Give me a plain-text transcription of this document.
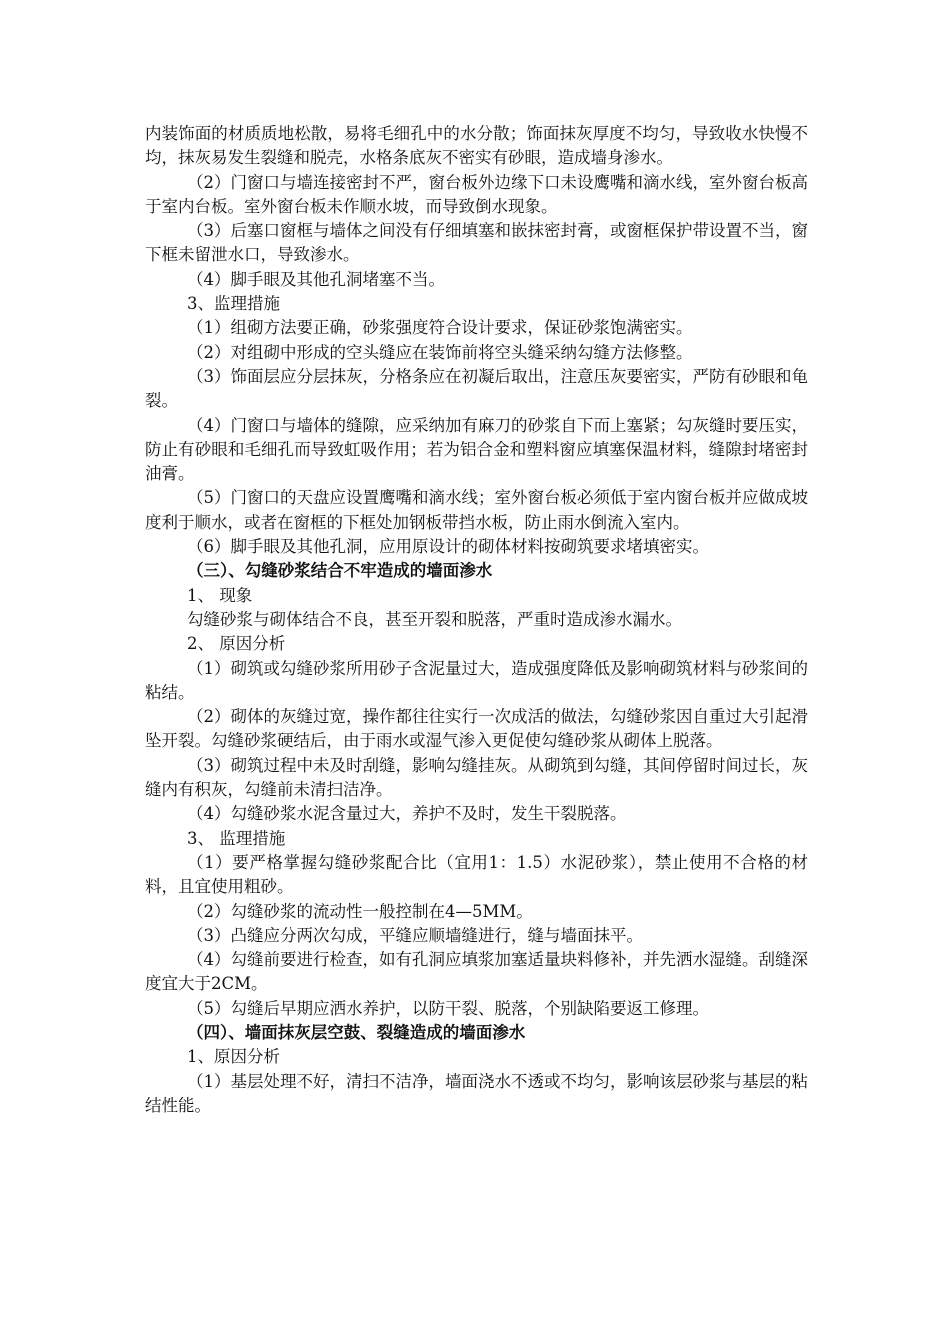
内装饰面的材质质地松散，易将毛细孔中的水分散；饰面抹灰厚度不均匀，导致收水快慢不均，抹灰易发生裂缝和脱壳，水格条底灰不密实有砂眼，造成墙身渗水。

（2）门窗口与墙连接密封不严，窗台板外边缘下口未设鹰嘴和滴水线，室外窗台板高于室内台板。室外窗台板未作顺水坡，而导致倒水现象。

（3）后塞口窗框与墙体之间没有仔细填塞和嵌抹密封膏，或窗框保护带设置不当，窗下框未留泄水口，导致渗水。

（4）脚手眼及其他孔洞堵塞不当。

3、监理措施

（1）组砌方法要正确，砂浆强度符合设计要求，保证砂浆饱满密实。

（2）对组砌中形成的空头缝应在装饰前将空头缝采纳勾缝方法修整。

（3）饰面层应分层抹灰，分格条应在初凝后取出，注意压灰要密实，严防有砂眼和龟裂。

（4）门窗口与墙体的缝隙，应采纳加有麻刀的砂浆自下而上塞紧；勾灰缝时要压实，防止有砂眼和毛细孔而导致虹吸作用；若为铝合金和塑料窗应填塞保温材料，缝隙封堵密封油膏。

（5）门窗口的天盘应设置鹰嘴和滴水线；室外窗台板必须低于室内窗台板并应做成坡度利于顺水，或者在窗框的下框处加钢板带挡水板，防止雨水倒流入室内。

（6）脚手眼及其他孔洞，应用原设计的砌体材料按砌筑要求堵填密实。

（三）、勾缝砂浆结合不牢造成的墙面渗水

1、 现象

勾缝砂浆与砌体结合不良，甚至开裂和脱落，严重时造成渗水漏水。

2、 原因分析

（1）砌筑或勾缝砂浆所用砂子含泥量过大，造成强度降低及影响砌筑材料与砂浆间的粘结。

（2）砌体的灰缝过宽，操作都往往实行一次成活的做法，勾缝砂浆因自重过大引起滑坠开裂。勾缝砂浆硬结后，由于雨水或湿气渗入更促使勾缝砂浆从砌体上脱落。

（3）砌筑过程中未及时刮缝，影响勾缝挂灰。从砌筑到勾缝，其间停留时间过长，灰缝内有积灰，勾缝前未清扫洁净。

（4）勾缝砂浆水泥含量过大，养护不及时，发生干裂脱落。

3、 监理措施

（1）要严格掌握勾缝砂浆配合比（宜用1：1.5）水泥砂浆），禁止使用不合格的材料，且宜使用粗砂。

（2）勾缝砂浆的流动性一般控制在4—5MM。

（3）凸缝应分两次勾成，平缝应顺墙缝进行，缝与墙面抹平。

（4）勾缝前要进行检查，如有孔洞应填浆加塞适量块料修补，并先洒水湿缝。刮缝深度宜大于2CM。

（5）勾缝后早期应洒水养护，以防干裂、脱落，个别缺陷要返工修理。

（四）、墙面抹灰层空鼓、裂缝造成的墙面渗水

1、原因分析

（1）基层处理不好，清扫不洁净，墙面浇水不透或不均匀，影响该层砂浆与基层的粘结性能。
